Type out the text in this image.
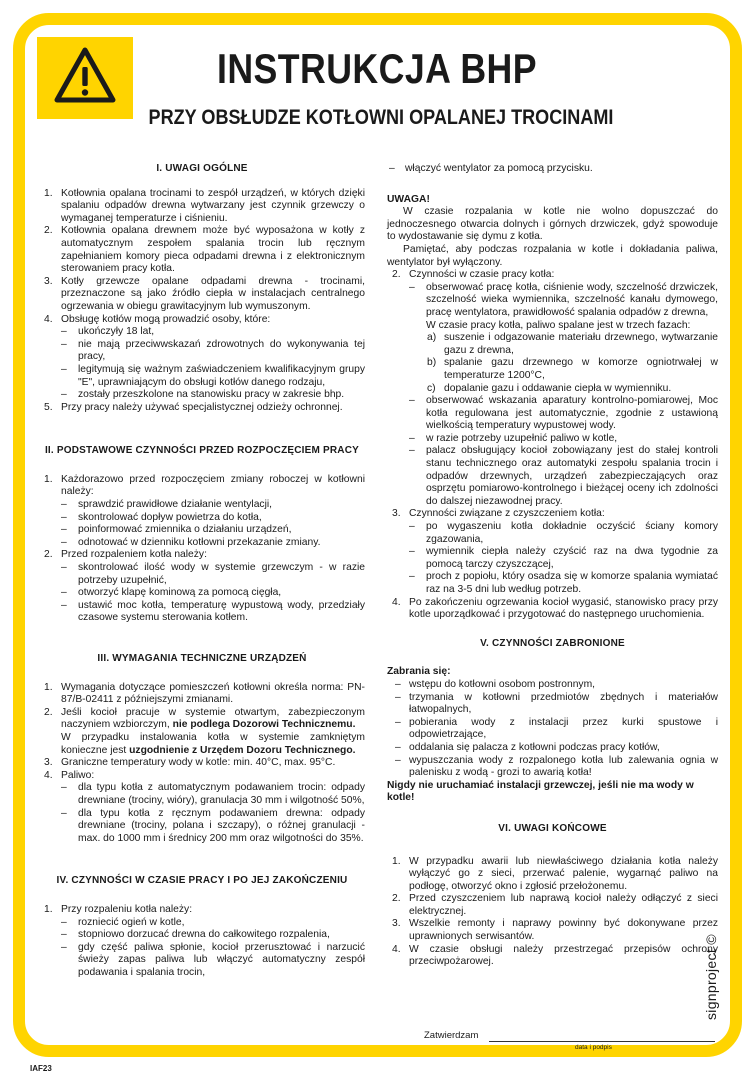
INSTRUKCJA BHP
PRZY OBSŁUDZE KOTŁOWNI OPALANEJ TROCINAMI
I. UWAGI OGÓLNE
1. Kotłownia opalana trocinami to zespół urządzeń, w których dzięki spalaniu odpadów drewna wytwarzany jest czynnik grzewczy o wymaganej temperaturze i ciśnieniu.
2. Kotłownia opalana drewnem może być wyposażona w kotły z automatycznym zespołem spalania trocin lub ręcznym zapełnianiem komory pieca odpadami drewna i z elektronicznym sterowaniem pracy kotła.
3. Kotły grzewcze opalane odpadami drewna - trocinami, przeznaczone są jako źródło ciepła w instalacjach centralnego ogrzewania w obiegu grawitacyjnym lub wymuszonym.
4. Obsługę kotłów mogą prowadzić osoby, które:
– ukończyły 18 lat,
– nie mają przeciwwskazań zdrowotnych do wykonywania tej pracy,
– legitymują się ważnym zaświadczeniem kwalifikacyjnym grupy "E", uprawniającym do obsługi kotłów danego rodzaju,
– zostały przeszkolone na stanowisku pracy w zakresie bhp.
5. Przy pracy należy używać specjalistycznej odzieży ochronnej.
II. PODSTAWOWE CZYNNOŚCI PRZED ROZPOCZĘCIEM PRACY
1. Każdorazowo przed rozpoczęciem zmiany roboczej w kotłowni należy:
– sprawdzić prawidłowe działanie wentylacji,
– skontrolować dopływ powietrza do kotła,
– poinformować zmiennika o działaniu urządzeń,
– odnotować w dzienniku kotłowni przekazanie zmiany.
2. Przed rozpaleniem kotła należy:
– skontrolować ilość wody w systemie grzewczym - w razie potrzeby uzupełnić,
– otworzyć klapę kominową za pomocą cięgła,
– ustawić moc kotła, temperaturę wypustową wody, przedziały czasowe systemu sterowania kotłem.
III. WYMAGANIA TECHNICZNE URZĄDZEŃ
1. Wymagania dotyczące pomieszczeń kotłowni określa norma: PN-87/B-02411 z późniejszymi zmianami.
2. Jeśli kocioł pracuje w systemie otwartym, zabezpieczonym naczyniem wzbiorczym, nie podlega Dozorowi Technicznemu.
W przypadku instalowania kotła w systemie zamkniętym konieczne jest uzgodnienie z Urzędem Dozoru Technicznego.
3. Graniczne temperatury wody w kotle: min. 40°C, max. 95°C.
4. Paliwo:
– dla typu kotła z automatycznym podawaniem trocin: odpady drewniane (trociny, wióry), granulacja 30 mm i wilgotność 50%,
– dla typu kotła z ręcznym podawaniem drewna: odpady drewniane (trociny, polana i szczapy), o różnej granulacji - max. do 1000 mm i średnicy 200 mm oraz wilgotności do 35%.
IV. CZYNNOŚCI W CZASIE PRACY I PO JEJ ZAKOŃCZENIU
1. Przy rozpaleniu kotła należy:
– rozniecić ogień w kotle,
– stopniowo dorzucać drewna do całkowitego rozpalenia,
– gdy część paliwa spłonie, kocioł przerusztować i narzucić świeży zapas paliwa lub włączyć automatyczny zespół podawania i spalania trocin,
– włączyć wentylator za pomocą przycisku.

UWAGA!

W czasie rozpalania w kotle nie wolno dopuszczać do jednoczesnego otwarcia dolnych i górnych drzwiczek, gdyż spowoduje to wydostawanie się dymu z kotła.

Pamiętać, aby podczas rozpalania w kotle i dokładania paliwa, wentylator był wyłączony.

2. Czynności w czasie pracy kotła:
– obserwować pracę kotła, ciśnienie wody, szczelność drzwiczek, szczelność wieka wymiennika, szczelność kanału dymowego, pracę wentylatora, prawidłowość spalania odpadów z drewna,
W czasie pracy kotła, paliwo spalane jest w trzech fazach:
a) suszenie i odgazowanie materiału drzewnego, wytwarzanie gazu z drewna,
b) spalanie gazu drzewnego w komorze ogniotrwałej w temperaturze 1200°C,
c) dopalanie gazu i oddawanie ciepła w wymienniku.
– obserwować wskazania aparatury kontrolno-pomiarowej, Moc kotła regulowana jest automatycznie, zgodnie z ustawioną wielkością temperatury wypustowej wody.
– w razie potrzeby uzupełnić paliwo w kotle,
– palacz obsługujący kocioł zobowiązany jest do stałej kontroli stanu technicznego oraz automatyki zespołu spalania trocin i odpadów drzewnych, urządzeń zabezpieczających oraz osprzętu pomiarowo-kontrolnego i bieżącej oceny ich zdolności do dalszej niezawodnej pracy.
3. Czynności związane z czyszczeniem kotła:
– po wygaszeniu kotła dokładnie oczyścić ściany komory zgazowania,
– wymiennik ciepła należy czyścić raz na dwa tygodnie za pomocą tarczy czyszczącej,
– proch z popiołu, który osadza się w komorze spalania wymiatać raz na 3-5 dni lub według potrzeb.
4. Po zakończeniu ogrzewania kocioł wygasić, stanowisko pracy przy kotle uporządkować i przygotować do następnego uruchomienia.
V. CZYNNOŚCI ZABRONIONE

Zabrania się:

– wstępu do kotłowni osobom postronnym,
– trzymania w kotłowni przedmiotów zbędnych i materiałów łatwopalnych,
– pobierania wody z instalacji przez kurki spustowe i odpowietrzające,
– oddalania się palacza z kotłowni podczas pracy kotłów,
– wypuszczania wody z rozpalonego kotła lub zalewania ognia w palenisku z wodą - grozi to awarią kotła!

Nigdy nie uruchamiać instalacji grzewczej, jeśli nie ma wody w kotle!

VI. UWAGI KOŃCOWE
1. W przypadku awarii lub niewłaściwego działania kotła należy wyłączyć go z sieci, przerwać palenie, wygarnąć paliwo na podłogę, otworzyć okno i zgłosić przełożonemu.
2. Przed czyszczeniem lub naprawą kocioł należy odłączyć z sieci elektrycznej.
3. Wszelkie remonty i naprawy powinny być dokonywane przez uprawnionych serwisantów.
4. W czasie obsługi należy przestrzegać przepisów ochrony przeciwpożarowej.
Zatwierdzam
data i podpis
signproject ©
IAF23
